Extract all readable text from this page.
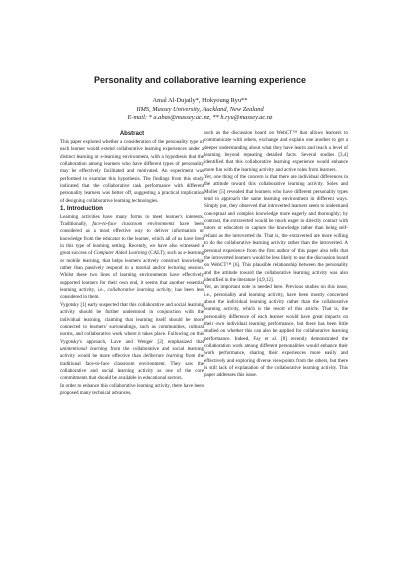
Personality and collaborative learning experience
Amal Al-Dujaily*, Hokyoung Ryu**
IIMS, Massey University, Auckland, New Zealand
E-mail: * a.abas@massey.ac.nz, ** h.ryu@massey.ac.nz
Abstract

This paper explored whether a consideration of the personality type of each learner would extend collaborative learning experiences under a distinct learning or e-learning environment, with a hypothesis that the collaboration among learners who have different types of personality may be effectively facilitated and motivated. An experiment was performed to examine this hypothesis. The findings from this study indicated that the collaborative task performance with different personality learners was better off, suggesting a practical implication of designing collaborative learning technologies.

1. Introduction

Learning activities have many forms to meet learner's interests. Traditionally, face-to-face classroom environments have been considered as a most effective way to deliver information or knowledge from the educator to the learner, which all of us have bred in this type of learning setting. Recently, we have also witnessed a great success of Computer Aided Learning (CALT), such as e-learning or mobile learning, that helps learners actively construct knowledge rather than passively respond to a tutorial and/or lecturing session. Whilst these two lines of learning environments have effectively supported learners for their own end, it seems that another essential learning activity, i.e., collaborative learning activity, has been less considered in them.

Vygotsky [1] early suspected that this collaborative and social learning activity should be further understood in conjunction with the individual learning, claiming that learning itself should be more connected to learners' surroundings, such as communities, cultural norms, and collaborative work where it takes place. Following on this Vygotsky's approach, Lave and Wenger [2] emphasized that unintentional learning from the collaborative and social learning activity would be more effective than deliberate learning from the traditional face-to-face classroom environment. They saw the collaborative and social learning activity as one of the core commitments that should be available in educational sectors.

In order to enhance this collaborative learning activity, there have been proposed many technical advances,

such as the discussion board on WebCT™ that allows learners to communicate with others, exchange and explain one another to get a deeper understanding about what they have learnt and reach a level of learning beyond repeating detailed facts. Several studies [3,4] identified that this collaborative learning experience would enhance more fun with the learning activity and active roles from learners.

Yet, one thing of the concern is that there are individual differences in the attitude toward this collaborative learning activity. Soles and Moller [5] revealed that learners who have different personality types tend to approach the same learning environment in different ways. Simply put, they observed that introverted learners seem to understand conceptual and complex knowledge more eagerly and thoroughly; by contrast, the extraverted would be much eager to directly contact with tutors or educators to capture the knowledge rather than being self-reliant as the introverted do. That is, the extraverted are more willing to do the collaborative learning activity rather than the introverted. A personal experience from the first author of this paper also tells that the introverted learners would be less likely to use the discussion board on WebCT™ [6]. This plausible relationship between the personality and the attitude toward the collaborative learning activity was also identified in the literature [4,9,12].

Yet, an important note is needed here. Previous studies on this issue, i.e., personality and learning activity, have been mostly concerned about the individual learning activity rather than the collaborative learning activity, which is the resort of this article. That is, the personality difference of each learner would have great impacts on their own individual learning performance, but there has been little studied on whether this can also be applied for collaborative learning performance. Indeed, Fay et al. [8] recently demonstrated the collaboration work among different personalities would enhance their work performance, sharing their experiences more easily and effectively and exploring diverse viewpoints from the others, but there is still lack of explanation of the collaborative learning activity. This paper addresses this issue.
